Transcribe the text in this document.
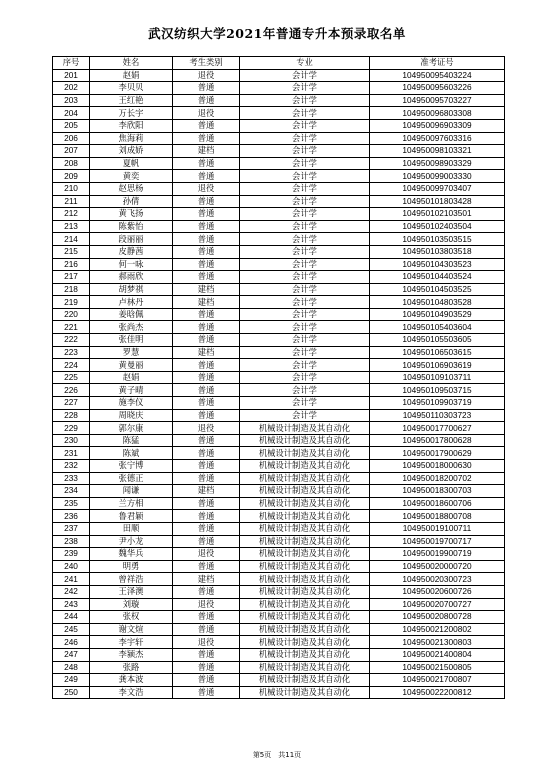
武汉纺织大学2021年普通专升本预录取名单
序号	姓名	考生类别	专业	准考证号
201	赵娟	退役	会计学	104950095403224
202	李贝贝	普通	会计学	104950095603226
203	王红艳	普通	会计学	104950095703227
204	万长宇	退役	会计学	104950096803308
205	李欣阳	普通	会计学	104950096903309
206	焦海莉	普通	会计学	104950097603316
207	刘成娇	建档	会计学	104950098103321
208	夏帆	普通	会计学	104950098903329
209	黄奕	普通	会计学	104950099003330
210	赵思杨	退役	会计学	104950099703407
211	孙倩	普通	会计学	104950101803428
212	黄飞扬	普通	会计学	104950102103501
213	陈紫怡	普通	会计学	104950102403504
214	段丽丽	普通	会计学	104950103503515
215	皮静茜	普通	会计学	104950103803518
216	何一咏	普通	会计学	104950104303523
217	郝雨欣	普通	会计学	104950104403524
218	胡梦祺	建档	会计学	104950104503525
219	卢林丹	建档	会计学	104950104803528
220	姜晗佩	普通	会计学	104950104903529
221	张尚杰	普通	会计学	104950105403604
222	张佳明	普通	会计学	104950105503605
223	罗慧	建档	会计学	104950106503615
224	黄曼丽	普通	会计学	104950106903619
225	赵娟	普通	会计学	104950109103711
226	黄子晴	普通	会计学	104950109503715
227	施李仪	普通	会计学	104950109903719
228	周晓庆	普通	会计学	104950110303723
229	郭尔康	退役	机械设计制造及其自动化	104950017700627
230	陈猛	普通	机械设计制造及其自动化	104950017800628
231	陈斌	普通	机械设计制造及其自动化	104950017900629
232	张宁博	普通	机械设计制造及其自动化	104950018000630
233	张德正	普通	机械设计制造及其自动化	104950018200702
234	闻谦	建档	机械设计制造及其自动化	104950018300703
235	兰方相	普通	机械设计制造及其自动化	104950018600706
236	鲁君颖	普通	机械设计制造及其自动化	104950018800708
237	田顺	普通	机械设计制造及其自动化	104950019100711
238	尹小龙	普通	机械设计制造及其自动化	104950019700717
239	魏华兵	退役	机械设计制造及其自动化	104950019900719
240	明勇	普通	机械设计制造及其自动化	104950020000720
241	曾祥浩	建档	机械设计制造及其自动化	104950020300723
242	王泽澳	普通	机械设计制造及其自动化	104950020600726
243	刘璇	退役	机械设计制造及其自动化	104950020700727
244	张权	普通	机械设计制造及其自动化	104950020800728
245	谢文煊	普通	机械设计制造及其自动化	104950021200802
246	李宇轩	退役	机械设计制造及其自动化	104950021300803
247	李颍杰	普通	机械设计制造及其自动化	104950021400804
248	张路	普通	机械设计制造及其自动化	104950021500805
249	龚本波	普通	机械设计制造及其自动化	104950021700807
250	李文浩	普通	机械设计制造及其自动化	104950022200812
第5页　共11页
